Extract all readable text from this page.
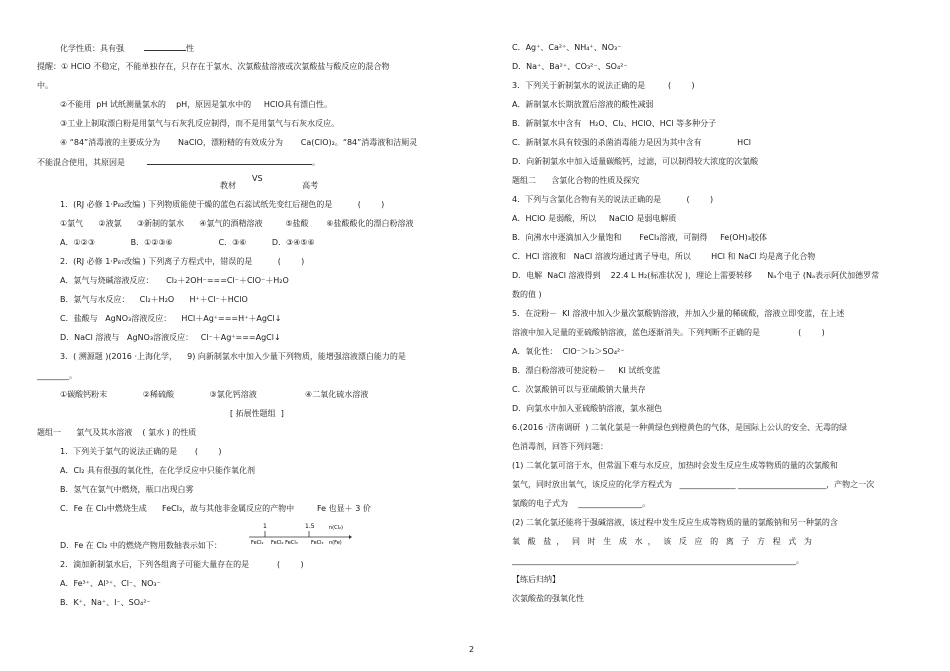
化学性质：具有强	性
提醒：① HClO 不稳定，不能单独存在，只存在于氯水、次氯酸盐溶液或次氯酸盐与酸反应的混合物
中。
②不能用  pH 试纸测量氯水的    pH，原因是氯水中的     HClO具有漂白性。
③工业上制取漂白粉是用氯气与石灰乳反应制得，而不是用氯气与石灰水反应。
④ “84”消毒液的主要成分为       NaClO，漂粉精的有效成分为       Ca(ClO)₂。“84”消毒液和洁厕灵
不能混合使用，其原因是	。
VS
教材                          高考
1．(RJ 必修 1·P₈₂改编 ) 下列物质能使干燥的蓝色石蕊试纸先变红后褪色的是          (        )
①氯气      ②液氯      ③新制的氯水      ④氯气的酒精溶液         ⑤盐酸       ⑥盐酸酸化的漂白粉溶液
A．①②③              B．①②③⑥                  C．③⑥          D．③④⑤⑥
2．(RJ 必修 1·P₈₇改编 ) 下列离子方程式中，错误的是          (        )
A．氯气与烧碱溶液反应：     Cl₂＋2OH⁻===Cl⁻＋ClO⁻＋H₂O
B．氯气与水反应：    Cl₂＋H₂O      H⁺＋Cl⁻＋HClO
C．盐酸与   AgNO₃溶液反应：    HCl＋Ag⁺===H⁺＋AgCl↓
D．NaCl 溶液与   AgNO₃溶液反应：   Cl⁻＋Ag⁺===AgCl↓
3．( 溯源题 )(2016 ·上海化学，    9) 向新制氯水中加入少量下列物质，能增强溶液漂白能力的是
________。
①碳酸钙粉末              ②稀硫酸              ③氯化钙溶液                   ④二氧化硫水溶液
[ 拓展性题组  ]
题组一      氯气及其水溶液    ( 氯水 ) 的性质
1．下列关于氯气的说法正确的是       (        )
A．Cl₂ 具有很强的氧化性，在化学反应中只能作氧化剂
B．氢气在氯气中燃烧，瓶口出现白雾
C．Fe 在 Cl₂中燃烧生成      FeCl₃，故与其他非金属反应的产物中         Fe 也显＋ 3 价
D．Fe 在 Cl₂ 中的燃烧产物用数轴表示如下：
2．滴加新制氯水后，下列各组离子可能大量存在的是           (        )
A．Fe³⁺、Al³⁺、Cl⁻、NO₃⁻
B．K⁺、Na⁺、I⁻、SO₄²⁻
C．Ag⁺、Ca²⁺、NH₄⁺、NO₃⁻
D．Na⁺、Ba²⁺、CO₃²⁻、SO₄²⁻
3．下列关于新制氯水的说法正确的是         (        )
A．新制氯水长期放置后溶液的酸性减弱
B．新制氯水中含有   H₂O、Cl₂、HClO、HCl 等多种分子
C．新制氯水具有较强的杀菌消毒能力是因为其中含有              HCl
D．向新制氯水中加入适量碳酸钙，过滤，可以制得较大浓度的次氯酸
题组二      含氯化合物的性质及探究
4．下列与含氯化合物有关的说法正确的是          (        )
A．HClO 是弱酸，所以     NaClO 是弱电解质
B．向沸水中逐滴加入少量饱和       FeCl₃溶液，可制得     Fe(OH)₃胶体
C．HCl 溶液和   NaCl 溶液均通过离子导电，所以        HCl 和 NaCl 均是离子化合物
D．电解  NaCl 溶液得到    22.4 L H₂(标准状况 )，理论上需要转移      Nₐ个电子 (Nₐ表示阿伏加德罗常
数的值 )
5．在淀粉－  KI 溶液中加入少量次氯酸钠溶液，并加入少量的稀硫酸，溶液立即变蓝，在上述
溶液中加入足量的亚硫酸钠溶液，蓝色逐渐消失。下列判断不正确的是               (        )
A．氧化性：  ClO⁻＞I₂＞SO₄²⁻
B．漂白粉溶液可使淀粉－     KI 试纸变蓝
C．次氯酸钠可以与亚硫酸钠大量共存
D．向氯水中加入亚硫酸钠溶液，氯水褪色
6.(2016 ·济南调研  ) 二氧化氯是一种黄绿色到橙黄色的气体，是国际上公认的安全、无毒的绿
色消毒剂，回答下列问题：
(1) 二氧化氯可溶于水，但常温下难与水反应，加热时会发生反应生成等物质的量的次氯酸和
氯气，同时放出氧气，该反应的化学方程式为   ______________ ______________________，产物之一次
氯酸的电子式为    ________________。
(2) 二氧化氯还能将于强碱溶液，该过程中发生反应生成等物质的量的氯酸钠和另一种氯的含
氧   酸   盐  ，   同   时   生   成   水  ，   该   反   应   的   离   子   方   程   式   为
_______________________________________________________________________。
【练后归纳】
次氯酸盐的强氧化性
1	1.5
FeCl₂ FeCl₂ FeCl₃	FeCl₃
n(Cl₂)
n(Fe)
2
